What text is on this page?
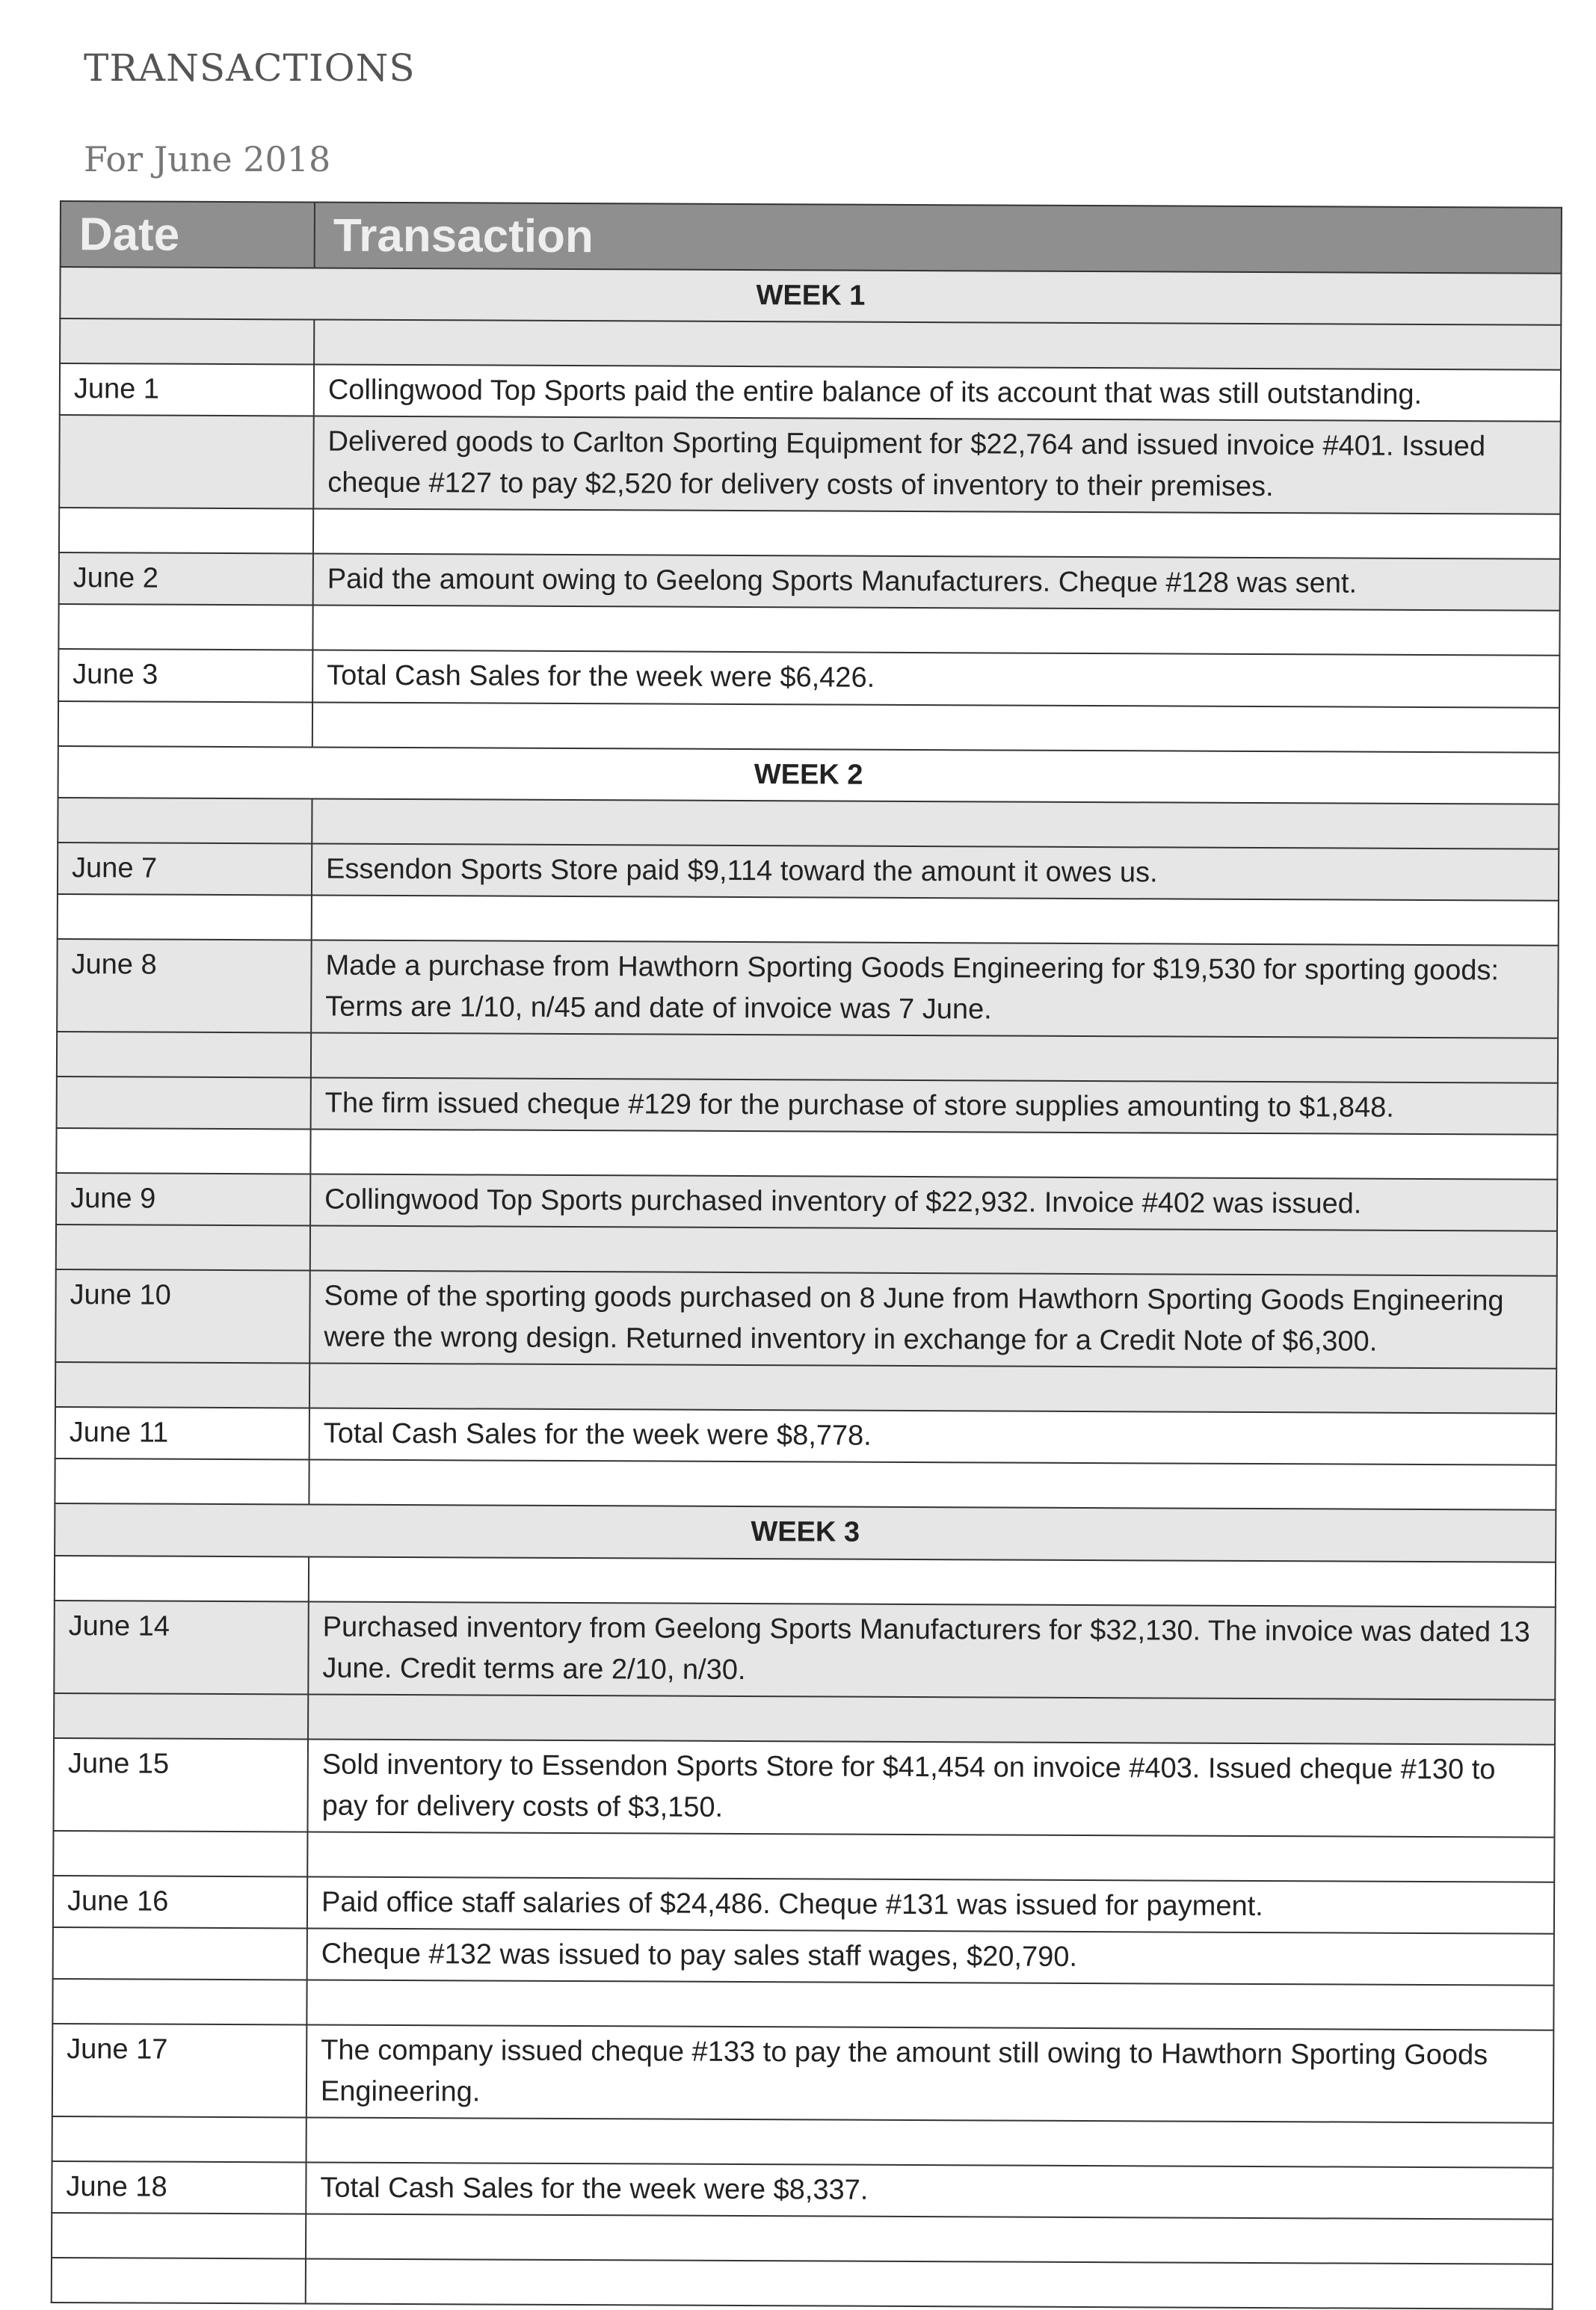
TRANSACTIONS
For June 2018
Date	Transaction
WEEK 1	

June 1	Collingwood Top Sports paid the entire balance of its account that was still outstanding.
	Delivered goods to Carlton Sporting Equipment for $22,764 and issued invoice #401. Issued cheque #127 to pay $2,520 for delivery costs of inventory to their premises.

June 2	Paid the amount owing to Geelong Sports Manufacturers. Cheque #128 was sent.

June 3	Total Cash Sales for the week were $6,426.

WEEK 2	

June 7	Essendon Sports Store paid $9,114 toward the amount it owes us.

June 8	Made a purchase from Hawthorn Sporting Goods Engineering for $19,530 for sporting goods: Terms are 1/10, n/45 and date of invoice was 7 June.

	The firm issued cheque #129 for the purchase of store supplies amounting to $1,848.

June 9	Collingwood Top Sports purchased inventory of $22,932. Invoice #402 was issued.

June 10	Some of the sporting goods purchased on 8 June from Hawthorn Sporting Goods Engineering were the wrong design. Returned inventory in exchange for a Credit Note of $6,300.

June 11	Total Cash Sales for the week were $8,778.

WEEK 3	

June 14	Purchased inventory from Geelong Sports Manufacturers for $32,130. The invoice was dated 13 June. Credit terms are 2/10, n/30.

June 15	Sold inventory to Essendon Sports Store for $41,454 on invoice #403. Issued cheque #130 to pay for delivery costs of $3,150.

June 16	Paid office staff salaries of $24,486. Cheque #131 was issued for payment.
	Cheque #132 was issued to pay sales staff wages, $20,790.

June 17	The company issued cheque #133 to pay the amount still owing to Hawthorn Sporting Goods Engineering.

June 18	Total Cash Sales for the week were $8,337.
